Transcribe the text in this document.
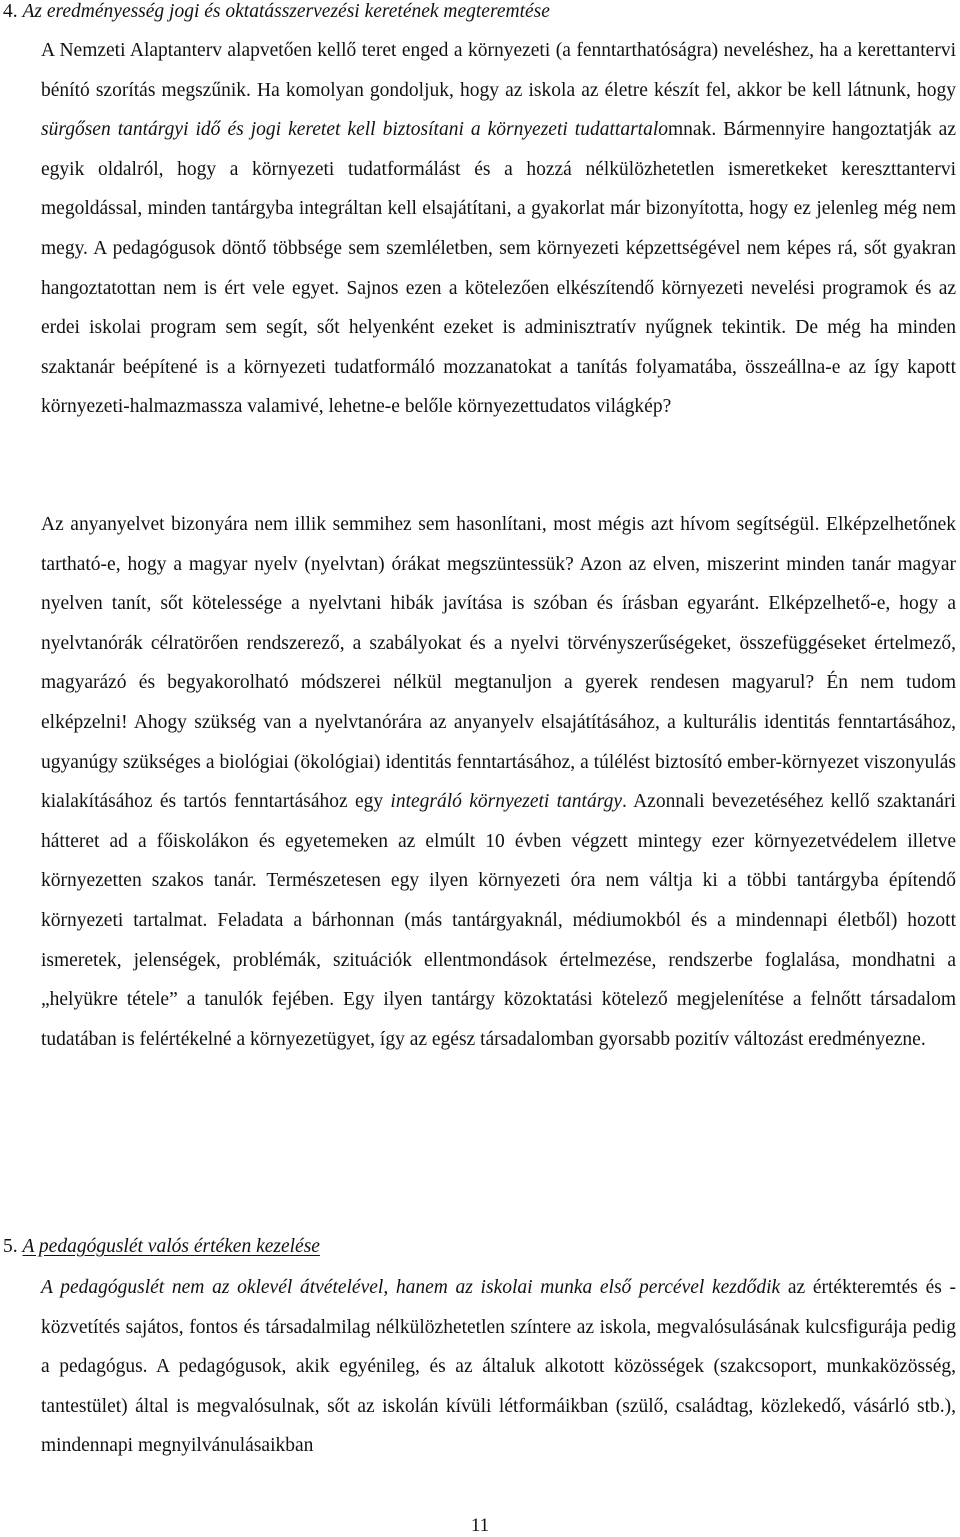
4. Az eredményesség jogi és oktatásszervezési keretének megteremtése

A Nemzeti Alaptanterv alapvetően kellő teret enged a környezeti (a fenntarthatóságra) neveléshez, ha a kerettantervi bénító szorítás megszűnik. Ha komolyan gondoljuk, hogy az iskola az életre készít fel, akkor be kell látnunk, hogy sürgősen tantárgyi idő és jogi keretet kell biztosítani a környezeti tudattartalomnak. Bármennyire hangoztatják az egyik oldalról, hogy a környezeti tudatformálást és a hozzá nélkülözhetetlen ismeretkeket kereszttantervi megoldással, minden tantárgyba integráltan kell elsajátítani, a gyakorlat már bizonyította, hogy ez jelenleg még nem megy. A pedagógusok döntő többsége sem szemléletben, sem környezeti képzettségével nem képes rá, sőt gyakran hangoztatottan nem is ért vele egyet. Sajnos ezen a kötelezően elkészítendő környezeti nevelési programok és az erdei iskolai program sem segít, sőt helyenként ezeket is adminisztratív nyűgnek tekintik. De még ha minden szaktanár beépítené is a környezeti tudatformáló mozzanatokat a tanítás folyamatába, összeállna-e az így kapott környezeti-halmazmassza valamivé, lehetne-e belőle környezettudatos világkép?

Az anyanyelvet bizonyára nem illik semmihez sem hasonlítani, most mégis azt hívom segítségül. Elképzelhetőnek tartható-e, hogy a magyar nyelv (nyelvtan) órákat megszüntessük? Azon az elven, miszerint minden tanár magyar nyelven tanít, sőt kötelessége a nyelvtani hibák javítása is szóban és írásban egyaránt. Elképzelhető-e, hogy a nyelvtanórák célratörően rendszerező, a szabályokat és a nyelvi törvényszerűségeket, összefüggéseket értelmező, magyarázó és begyakorolható módszerei nélkül megtanuljon a gyerek rendesen magyarul? Én nem tudom elképzelni! Ahogy szükség van a nyelvtanórára az anyanyelv elsajátításához, a kulturális identitás fenntartásához, ugyanúgy szükséges a biológiai (ökológiai) identitás fenntartásához, a túlélést biztosító ember-környezet viszonyulás kialakításához és tartós fenntartásához egy integráló környezeti tantárgy. Azonnali bevezetéséhez kellő szaktanári hátteret ad a főiskolákon és egyetemeken az elmúlt 10 évben végzett mintegy ezer környezetvédelem illetve környezetten szakos tanár. Természetesen egy ilyen környezeti óra nem váltja ki a többi tantárgyba építendő környezeti tartalmat. Feladata a bárhonnan (más tantárgyaknál, médiumokból és a mindennapi életből) hozott ismeretek, jelenségek, problémák, szituációk ellentmondások értelmezése, rendszerbe foglalása, mondhatni a „helyükre tétele” a tanulók fejében. Egy ilyen tantárgy közoktatási kötelező megjelenítése a felnőtt társadalom tudatában is felértékelné a környezetügyet, így az egész társadalomban gyorsabb pozitív változást eredményezne.

5. A pedagóguslét valós értéken kezelése

A pedagóguslét nem az oklevél átvételével, hanem az iskolai munka első percével kezdődik az értékteremtés és -közvetítés sajátos, fontos és társadalmilag nélkülözhetetlen színtere az iskola, megvalósulásának kulcsfigurája pedig a pedagógus. A pedagógusok, akik egyénileg, és az általuk alkotott közösségek (szakcsoport, munkaközösség, tantestület) által is megvalósulnak, sőt az iskolán kívüli létformáikban (szülő, családtag, közlekedő, vásárló stb.), mindennapi megnyilvánulásaikban

11
